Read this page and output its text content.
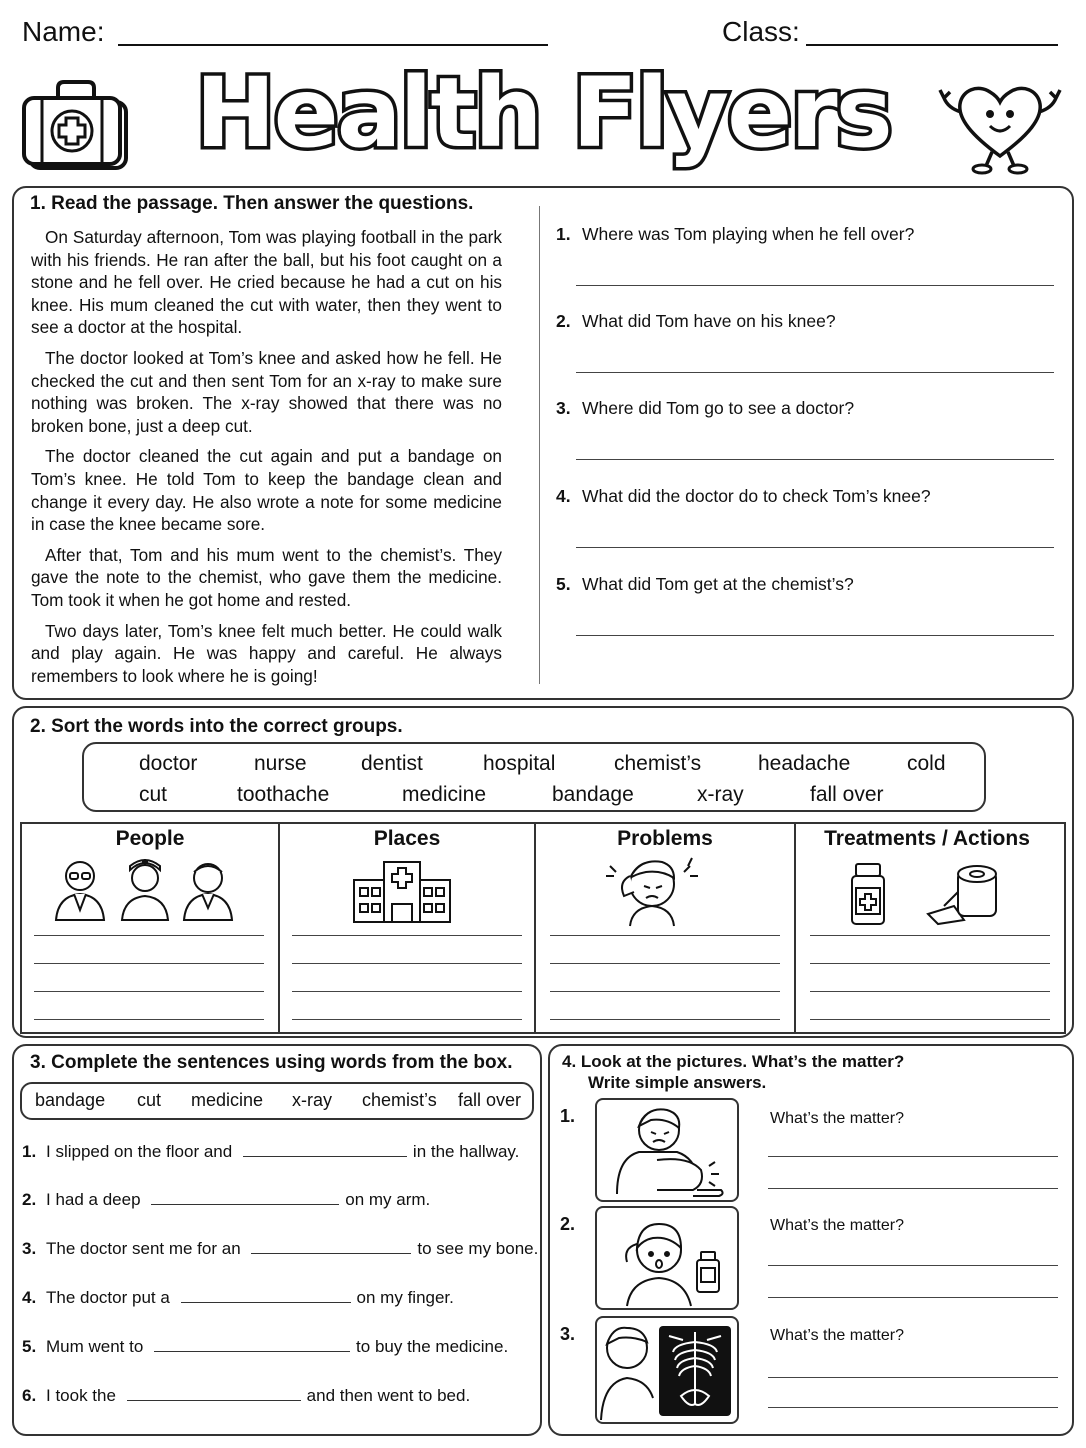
Name:	Class:
Health Flyers
1. Read the passage. Then answer the questions.

On Saturday afternoon, Tom was playing football in the park with his friends. He ran after the ball, but his foot caught on a stone and he fell over. He cried because he had a cut on his knee. His mum cleaned the cut with water, then they went to see a doctor at the hospital.

The doctor looked at Tom’s knee and asked how he fell. He checked the cut and then sent Tom for an x-ray to make sure nothing was broken. The x-ray showed that there was no broken bone, just a deep cut.

The doctor cleaned the cut again and put a bandage on Tom’s knee. He told Tom to keep the bandage clean and change it every day. He also wrote a note for some medicine in case the knee became sore.

After that, Tom and his mum went to the chemist’s. They gave the note to the chemist, who gave them the medicine. Tom took it when he got home and rested.

Two days later, Tom’s knee felt much better. He could walk and play again. He was happy and careful. He always remembers to look where he is going!

1. Where was Tom playing when he fell over?
2. What did Tom have on his knee?
3. Where did Tom go to see a doctor?
4. What did the doctor do to check Tom’s knee?
5. What did Tom get at the chemist’s?
2. Sort the words into the correct groups.
doctor	nurse	dentist	hospital	chemist’s	headache	cold
cut	toothache	medicine	bandage	x-ray	fall over
People	Places	Problems	Treatments / Actions
3. Complete the sentences using words from the box.
bandage cut medicine x-ray chemist’s fall over
1. I slipped on the floor and	in the hallway.
2. I had a deep	on my arm.
3. The doctor sent me for an	to see my bone.
4. The doctor put a	on my finger.
5. Mum went to	to buy the medicine.
6. I took the	and then went to bed.
4. Look at the pictures. What’s the matter?
Write simple answers.
1.	What’s the matter?
2.	What’s the matter?
3.	What’s the matter?
